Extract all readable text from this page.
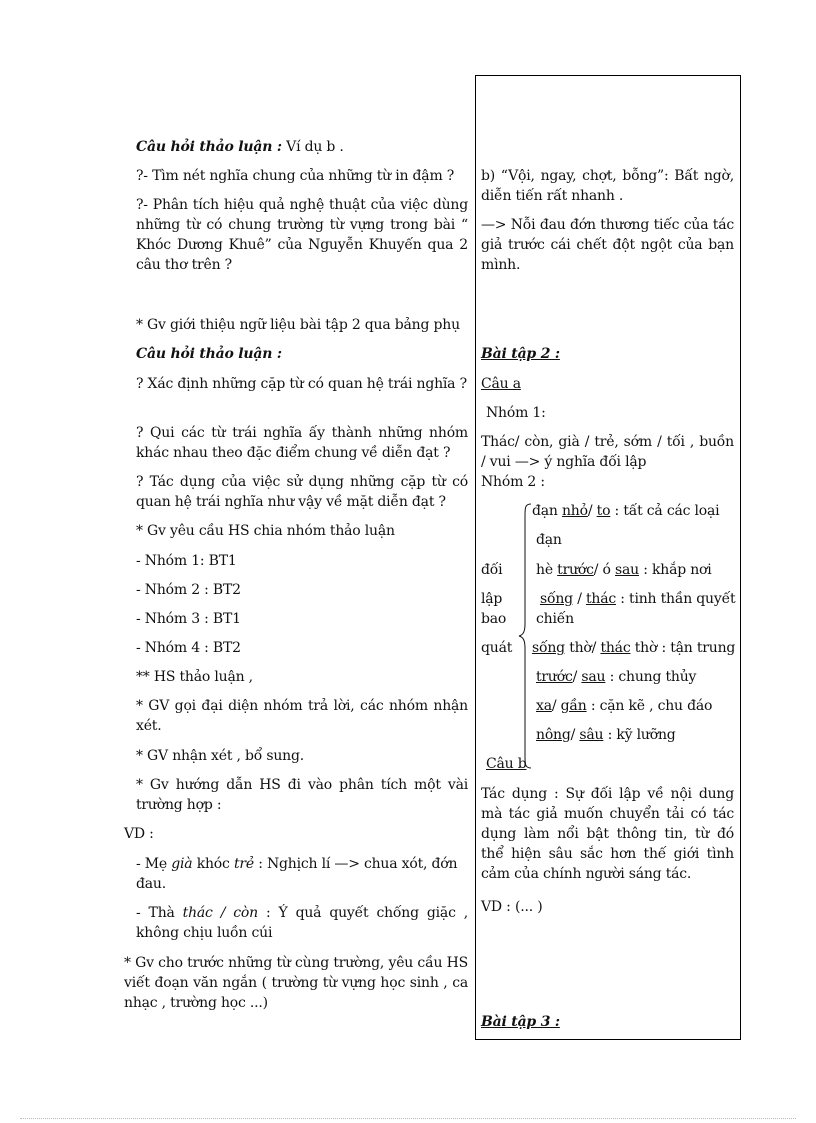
Câu hỏi thảo luận : Ví dụ b .
?- Tìm nét nghĩa chung của những từ in đậm ?
?- Phân tích hiệu quả nghệ thuật của việc dùng những từ có chung trường từ vựng trong bài “ Khóc Dương Khuê” của Nguyễn Khuyến qua 2 câu thơ trên ?
* Gv giới thiệu ngữ liệu bài tập 2 qua bảng phụ
Câu hỏi thảo luận :
? Xác định những cặp từ có quan hệ trái nghĩa ?
? Qui các từ trái nghĩa ấy thành những nhóm khác nhau theo đặc điểm chung về diễn đạt ?
? Tác dụng của việc sử dụng những cặp từ có quan hệ trái nghĩa như vậy về mặt diễn đạt ?
* Gv yêu cầu HS chia nhóm thảo luận
- Nhóm 1: BT1
- Nhóm 2 : BT2
- Nhóm 3 : BT1
- Nhóm 4 : BT2
** HS thảo luận ,
* GV gọi đại diện nhóm trả lời, các nhóm nhận xét.
* GV nhận xét , bổ sung.
* Gv hướng dẫn HS đi vào phân tích một vài trường hợp :
VD :
- Mẹ già khóc trẻ : Nghịch lí —> chua xót, đớn đau.
- Thà thác / còn : Ý quả quyết chống giặc , không chịu luồn cúi
* Gv cho trước những từ cùng trường, yêu cầu HS viết đoạn văn ngắn ( trường từ vựng học sinh , ca nhạc , trường học ...)
b) “Vội, ngay, chợt, bỗng”: Bất ngờ, diễn tiến rất nhanh .
—> Nỗi đau đớn thương tiếc của tác giả trước cái chết đột ngột của bạn mình.
Bài tập 2 :
Câu a
Nhóm 1:
Thác/ còn, già / trẻ, sớm / tối , buồn / vui —> ý nghĩa đối lập
Nhóm 2 :
đối
lập
bao
quát
đạn nhỏ/ to : tất cả các loại
đạn
hè trước/ ó sau : khắp nơi
sống / thác : tinh thần quyết
chiến
sống thờ/ thác thờ : tận trung
trước/ sau : chung thủy
xa/ gần : cặn kẽ , chu đáo
nông/ sâu : kỹ lưỡng
Câu b
Tác dụng : Sự đối lập về nội dung mà tác giả muốn chuyển tải có tác dụng làm nổi bật thông tin, từ đó thể hiện sâu sắc hơn thế giới tình cảm của chính người sáng tác.
VD : (... )
Bài tập 3 :
